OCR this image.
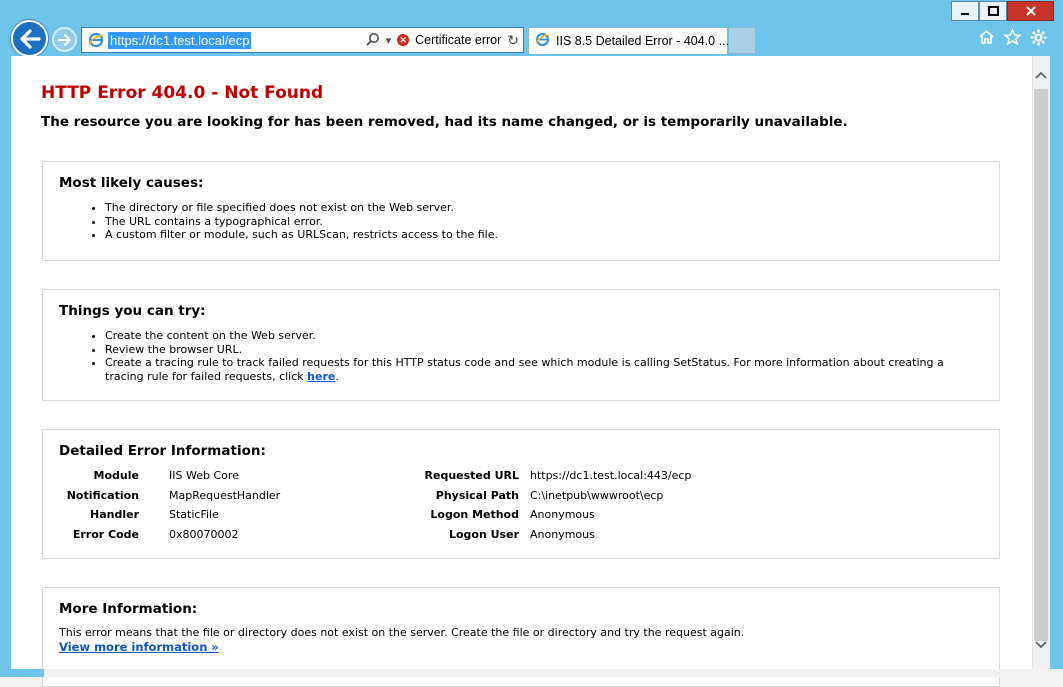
https://dc1.test.local/ecp	▾ ✕ Certificate error ↻	IIS 8.5 Detailed Error - 404.0 ...
HTTP Error 404.0 - Not Found
The resource you are looking for has been removed, had its name changed, or is temporarily unavailable.
Most likely causes:
• The directory or file specified does not exist on the Web server.
• The URL contains a typographical error.
• A custom filter or module, such as URLScan, restricts access to the file.
Things you can try:
• Create the content on the Web server.
• Review the browser URL.
• Create a tracing rule to track failed requests for this HTTP status code and see which module is calling SetStatus. For more information about creating a tracing rule for failed requests, click here.
Detailed Error Information:
Module	IIS Web Core	Requested URL https://dc1.test.local:443/ecp
Notification	MapRequestHandler	Physical Path C:\inetpub\wwwroot\ecp
Handler	StaticFile	Logon Method Anonymous
Error Code	0x80070002	Logon User Anonymous
More Information:
This error means that the file or directory does not exist on the server. Create the file or directory and try the request again.
View more information »
